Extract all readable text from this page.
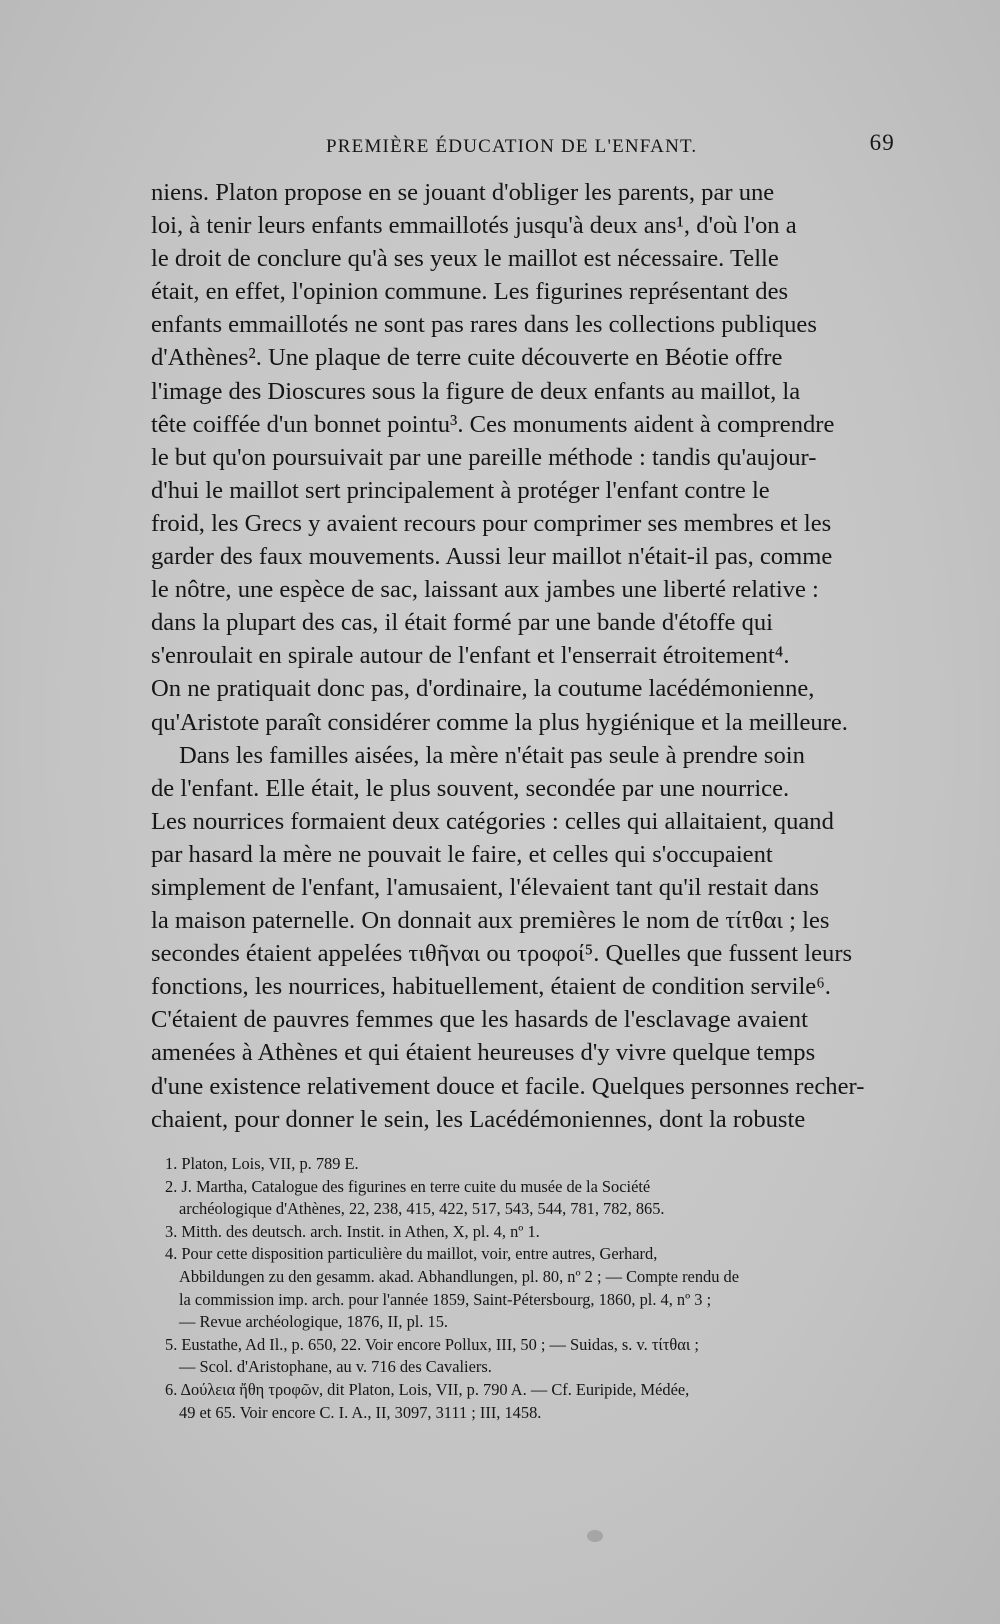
PREMIÈRE ÉDUCATION DE L'ENFANT.	69
niens. Platon propose en se jouant d'obliger les parents, par une
loi, à tenir leurs enfants emmaillotés jusqu'à deux ans¹, d'où l'on a
le droit de conclure qu'à ses yeux le maillot est nécessaire. Telle
était, en effet, l'opinion commune. Les figurines représentant des
enfants emmaillotés ne sont pas rares dans les collections publiques
d'Athènes². Une plaque de terre cuite découverte en Béotie offre
l'image des Dioscures sous la figure de deux enfants au maillot, la
tête coiffée d'un bonnet pointu³. Ces monuments aident à comprendre
le but qu'on poursuivait par une pareille méthode : tandis qu'aujour-
d'hui le maillot sert principalement à protéger l'enfant contre le
froid, les Grecs y avaient recours pour comprimer ses membres et les
garder des faux mouvements. Aussi leur maillot n'était-il pas, comme
le nôtre, une espèce de sac, laissant aux jambes une liberté relative :
dans la plupart des cas, il était formé par une bande d'étoffe qui
s'enroulait en spirale autour de l'enfant et l'enserrait étroitement⁴.
On ne pratiquait donc pas, d'ordinaire, la coutume lacédémonienne,
qu'Aristote paraît considérer comme la plus hygiénique et la meilleure.
Dans les familles aisées, la mère n'était pas seule à prendre soin
de l'enfant. Elle était, le plus souvent, secondée par une nourrice.
Les nourrices formaient deux catégories : celles qui allaitaient, quand
par hasard la mère ne pouvait le faire, et celles qui s'occupaient
simplement de l'enfant, l'amusaient, l'élevaient tant qu'il restait dans
la maison paternelle. On donnait aux premières le nom de τίτθαι ; les
secondes étaient appelées τιθῆναι ou τροφοί⁵. Quelles que fussent leurs
fonctions, les nourrices, habituellement, étaient de condition servile⁶.
C'étaient de pauvres femmes que les hasards de l'esclavage avaient
amenées à Athènes et qui étaient heureuses d'y vivre quelque temps
d'une existence relativement douce et facile. Quelques personnes recher-
chaient, pour donner le sein, les Lacédémoniennes, dont la robuste
1. Platon, Lois, VII, p. 789 E.
2. J. Martha, Catalogue des figurines en terre cuite du musée de la Société
archéologique d'Athènes, 22, 238, 415, 422, 517, 543, 544, 781, 782, 865.
3. Mitth. des deutsch. arch. Instit. in Athen, X, pl. 4, nº 1.
4. Pour cette disposition particulière du maillot, voir, entre autres, Gerhard,
Abbildungen zu den gesamm. akad. Abhandlungen, pl. 80, nº 2 ; — Compte rendu de
la commission imp. arch. pour l'année 1859, Saint-Pétersbourg, 1860, pl. 4, nº 3 ;
— Revue archéologique, 1876, II, pl. 15.
5. Eustathe, Ad Il., p. 650, 22. Voir encore Pollux, III, 50 ; — Suidas, s. v. τίτθαι ;
— Scol. d'Aristophane, au v. 716 des Cavaliers.
6. Δούλεια ἤθη τροφῶν, dit Platon, Lois, VII, p. 790 A. — Cf. Euripide, Médée,
49 et 65. Voir encore C. I. A., II, 3097, 3111 ; III, 1458.
